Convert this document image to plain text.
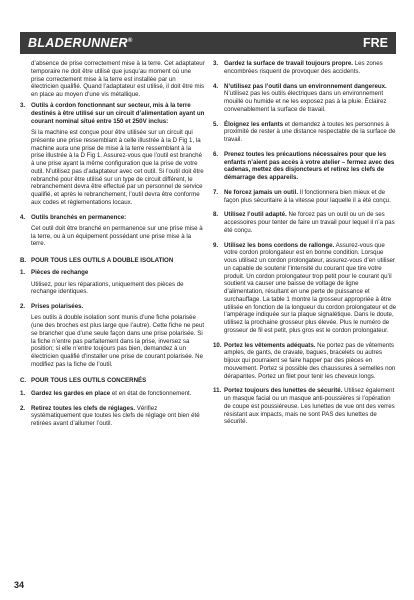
BLADERUNNER®	FRE

d’absence de prise correctement mise à la terre. Cet adaptateur temporaire ne doit être utilisé que jusqu’au moment où une prise correctement mise à la terre est installée par un électricien qualifié. Quand l’adaptateur est utilisé, il doit être mis en place au moyen d’une vis métallique.

3. Outils à cordon fonctionnant sur secteur, mis à la terre destinés à être utilisé sur un circuit d’alimentation ayant un courant nominal situé entre 150 et 250V inclus:

Si la machine est conçue pour être utilisée sur un circuit qui présente une prise ressemblant à celle illustrée à la D Fig 1, la machine aura une prise de mise à la terre ressemblant à la prise illustrée à la D Fig 1. Assurez-vous que l’outil est branché à une prise ayant la même configuration que la prise de votre outil. N’utilisez pas d’adaptateur avec cet outil. Si l’outil doit être rebranché pour être utilisé sur un type de circuit différent, le rebranchement devra être effectué par un personnel de service qualifié, et après le rebranchement, l’outil devra être conforme aux codes et règlementations locaux.

4. Outils branchés en permanence:

Cet outil doit être branché en permanence sur une prise mise à la terre, ou à un équipement possédant une prise mise à la terre.

B. POUR TOUS LES OUTILS A DOUBLE ISOLATION
1. Pièces de rechange

Utilisez, pour les réparations, uniquement des pièces de rechange identiques.

2. Prises polarisées.

Les outils à double isolation sont munis d’une fiche polarisée (une des broches est plus large que l’autre). Cette fiche ne peut se brancher que d’une seule façon dans une prise polarisée. Si la fiche n’entre pas parfaitement dans la prise, inversez sa position; si elle n’entre toujours pas bien, demandez à un électricien qualifié d’installer une prise de courant polarisée. Ne modifiez pas la fiche de l’outil.

C. POUR TOUS LES OUTILS CONCERNÉS
1. Gardez les gardes en place et en état de fonctionnement.

2. Retirez toutes les clefs de réglages. Vérifiez systématiquement que toutes les clefs de réglage ont bien été retirées avant d’allumer l’outil.

3. Gardez la surface de travail toujours propre. Les zones encombrées risquent de provoquer des accidents.

4. N’utilisez pas l’outil dans un environnement dangereux. N’utilisez pas les outils électriques dans un environnement mouillé ou humide et ne les exposez pas à la pluie. Éclairez convenablement la surface de travail.

5. Éloignez les enfants et demandez à toutes les personnes à proximité de rester à une distance respectable de la surface de travail.

6. Prenez toutes les précautions nécessaires pour que les enfants n’aient pas accès à votre atelier – fermez avec des cadenas, mettez des disjoncteurs et retirez les clefs de démarrage des appareils.

7. Ne forcez jamais un outil. Il fonctionnera bien mieux et de façon plus sécuritaire à la vitesse pour laquelle il a été conçu.

8. Utilisez l’outil adapté. Ne forcez pas un outil ou un de ses accessoires pour tenter de faire un travail pour lequel il n’a pas été conçu.

9. Utilisez les bons cordons de rallonge. Assurez-vous que votre cordon prolongateur est en bonne condition. Lorsque vous utilisez un cordon prolongateur, assurez-vous d’en utiliser un capable de soutenir l’intensité du courant que tire votre produit. Un cordon prolongateur trop petit pour le courant qu’il soutient va causer une baisse de voltage de ligne d’alimentation, résultant en une perte de puissance et surchauffage. La table 1 montre la grosseur appropriée à être utilisée en fonction de la longueur du cordon prolongateur et de l’ampérage indiquée sur la plaque signalétique. Dans le doute, utilisez la prochaine grosseur plus élevée. Plus le numéro de grosseur de fil est petit, plus gros est le cordon prolongateur.

10. Portez les vêtements adéquats. Ne portez pas de vêtements amples, de gants, de cravate, bagues, bracelets ou autres bijoux qui pourraient se faire happer par des pièces en mouvement. Portez si possible des chaussures à semelles non dérapantes. Portez un filet pour tenir les cheveux longs.

11. Portez toujours des lunettes de sécurité. Utilisez également un masque facial ou un masque anti-poussières si l’opération de coupe est poussiéreuse. Les lunettes de vue ont des verres résistant aux impacts, mais ne sont PAS des lunettes de sécurité.

34
